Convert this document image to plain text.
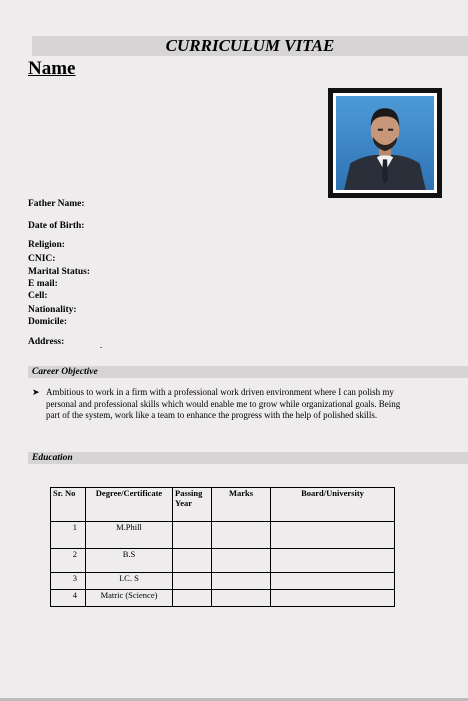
CURRICULUM VITAE
Name
Father Name:
Date of Birth:
Religion:
CNIC:
Marital Status:
E mail:
Cell:
Nationality:
Domicile:
Address:	.
Career Objective
➤ Ambitious to work in a firm with a professional work driven environment where I can polish my personal and professional skills which would enable me to grow while organizational goals. Being part of the system, work like a team to enhance the progress with the help of polished skills.
Education
Sr. No	Degree/Certificate	Passing Year	Marks	Board/University
1	M.Phill			
2	B.S			
3	I.C. S			
4	Matric (Science)			
